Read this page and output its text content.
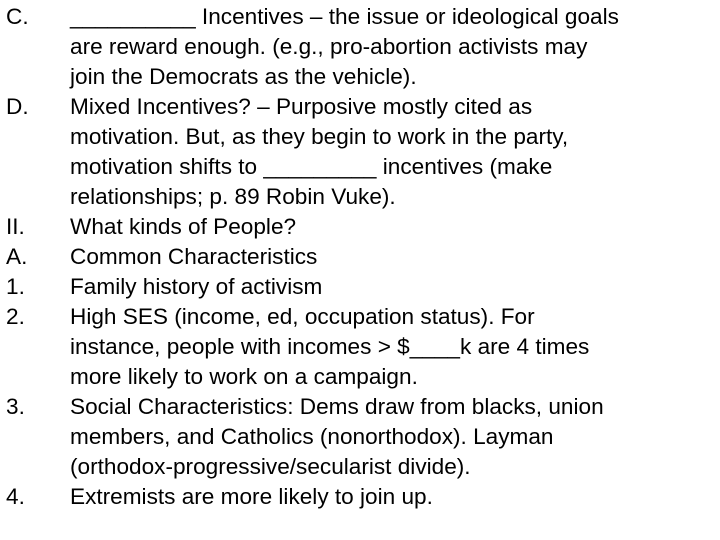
C.	__________ Incentives – the issue or ideological goals
are reward enough. (e.g., pro-abortion activists may
join the Democrats as the vehicle).
D.	Mixed Incentives? – Purposive mostly cited as
motivation. But, as they begin to work in the party,
motivation shifts to _________ incentives (make
relationships; p. 89 Robin Vuke).
II.	What kinds of People?
A.	Common Characteristics
1.	Family history of activism
2.	High SES (income, ed, occupation status). For
instance, people with incomes > $____k are 4 times
more likely to work on a campaign.
3.	Social Characteristics: Dems draw from blacks, union
members, and Catholics (nonorthodox). Layman
(orthodox-progressive/secularist divide).
4.	Extremists are more likely to join up.
